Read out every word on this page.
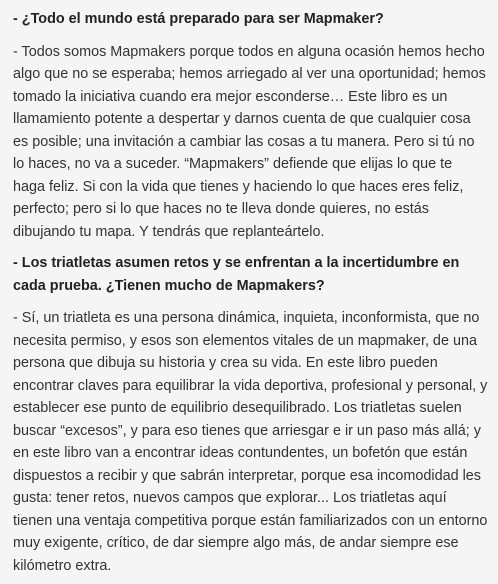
- ¿Todo el mundo está preparado para ser Mapmaker?

- Todos somos Mapmakers porque todos en alguna ocasión hemos hecho algo que no se esperaba; hemos arriegado al ver una oportunidad; hemos tomado la iniciativa cuando era mejor esconderse… Este libro es un llamamiento potente a despertar y darnos cuenta de que cualquier cosa es posible; una invitación a cambiar las cosas a tu manera. Pero si tú no lo haces, no va a suceder. “Mapmakers” defiende que elijas lo que te haga feliz. Si con la vida que tienes y haciendo lo que haces eres feliz, perfecto; pero si lo que haces no te lleva donde quieres, no estás dibujando tu mapa. Y tendrás que replanteártelo.

- Los triatletas asumen retos y se enfrentan a la incertidumbre en cada prueba. ¿Tienen mucho de Mapmakers?

- Sí, un triatleta es una persona dinámica, inquieta, inconformista, que no necesita permiso, y esos son elementos vitales de un mapmaker, de una persona que dibuja su historia y crea su vida. En este libro pueden encontrar claves para equilibrar la vida deportiva, profesional y personal, y establecer ese punto de equilibrio desequilibrado. Los triatletas suelen buscar “excesos”, y para eso tienes que arriesgar e ir un paso más allá; y en este libro van a encontrar ideas contundentes, un bofetón que están dispuestos a recibir y que sabrán interpretar, porque esa incomodidad les gusta: tener retos, nuevos campos que explorar... Los triatletas aquí tienen una ventaja competitiva porque están familiarizados con un entorno muy exigente, crítico, de dar siempre algo más, de andar siempre ese kilómetro extra.
